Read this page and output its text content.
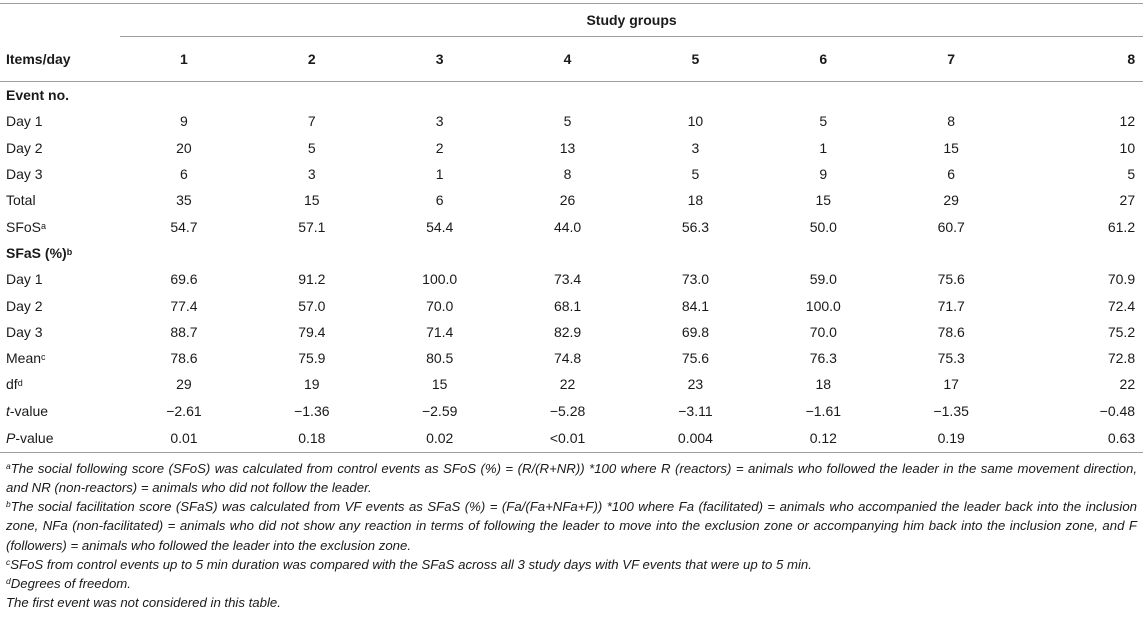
	Study groups							
Items/day	1	2	3	4	5	6	7	8
Event no.								
Day 1	9	7	3	5	10	5	8	12
Day 2	20	5	2	13	3	1	15	10
Day 3	6	3	1	8	5	9	6	5
Total	35	15	6	26	18	15	29	27
SFoS$^a$	54.7	57.1	54.4	44.0	56.3	50.0	60.7	61.2
SFaS (%)$^b$
Day 1	69.6	91.2	100.0	73.4	73.0	59.0	75.6	70.9
Day 2	77.4	57.0	70.0	68.1	84.1	100.0	71.7	72.4
Day 3	88.7	79.4	71.4	82.9	69.8	70.0	78.6	75.2
Mean$^c$	78.6	75.9	80.5	74.8	75.6	76.3	75.3	72.8
$df^d$	29	19	15	22	23	18	17	22
t-value	−2.61	−1.36	−2.59	−5.28	−3.11	−1.61	−1.35	−0.48
P-value	0.01	0.18	0.02	<0.01	0.004	0.12	0.19	0.63

$^a$The social following score (SFoS) was calculated from control events as SFoS (%) = (R/(R+NR)) *100 where R (reactors) = animals who followed the leader in the same movement direction, and NR (non-reactors) = animals who did not follow the leader.

$^b$The social facilitation score (SFaS) was calculated from VF events as SFaS (%) = (Fa/(Fa+NFa+F)) *100 where Fa (facilitated) = animals who accompanied the leader back into the inclusion zone, NFa (non-facilitated) = animals who did not show any reaction in terms of following the leader to move into the exclusion zone or accompanying him back into the inclusion zone, and F (followers) = animals who followed the leader into the exclusion zone.

$^c$SFoS from control events up to 5 min duration was compared with the SFaS across all 3 study days with VF events that were up to 5 min.

$^d$Degrees of freedom.

The first event was not considered in this table.
